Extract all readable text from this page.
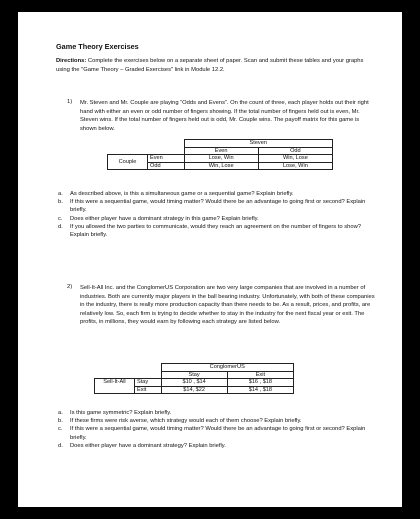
Game Theory Exercises
Directions: Complete the exercises below on a separate sheet of paper. Scan and submit these tables and your graphs using the "Game Theory – Graded Exercises" link in Module 12.2.
1) Mr. Steven and Mr. Couple are playing “Odds and Evens”. On the count of three, each player holds out their right hand with either an even or odd number of fingers showing. If the total number of fingers held out is even, Mr. Steven wins. If the total number of fingers held out is odd, Mr. Couple wins. The payoff matrix for this game is shown below.
		Steven	
		Even	Odd
Couple	Even	Lose, Win	Win, Lose
	Odd	Win, Lose	Lose, Win
a. As described above, is this a simultaneous game or a sequential game? Explain briefly.
b. If this were a sequential game, would timing matter? Would there be an advantage to going first or second? Explain briefly.
c. Does either player have a dominant strategy in this game? Explain briefly.
d. If you allowed the two parties to communicate, would they reach an agreement on the number of fingers to show? Explain briefly.
2) Sell-It-All Inc. and the ConglomerUS Corporation are two very large companies that are involved in a number of industries. Both are currently major players in the ball bearing industry. Unfortunately, with both of these companies in the industry, there is really more production capacity than there needs to be. As a result, prices, and profits, are relatively low. So, each firm is trying to decide whether to stay in the industry for the next fiscal year or exit. The profits, in millions, they would earn by following each strategy are listed below.
		ConglomerUS	
		Stay	Exit
Sell-It-All	Stay	$10 , $14	$16 , $18
	Exit	$14, $22	$14 , $18
a. Is this game symmetric? Explain briefly.
b. If these firms were risk averse, which strategy would each of them choose? Explain briefly.
c. If this were a sequential game, would timing matter? Would there be an advantage to going first or second? Explain briefly.
d. Does either player have a dominant strategy? Explain briefly.
